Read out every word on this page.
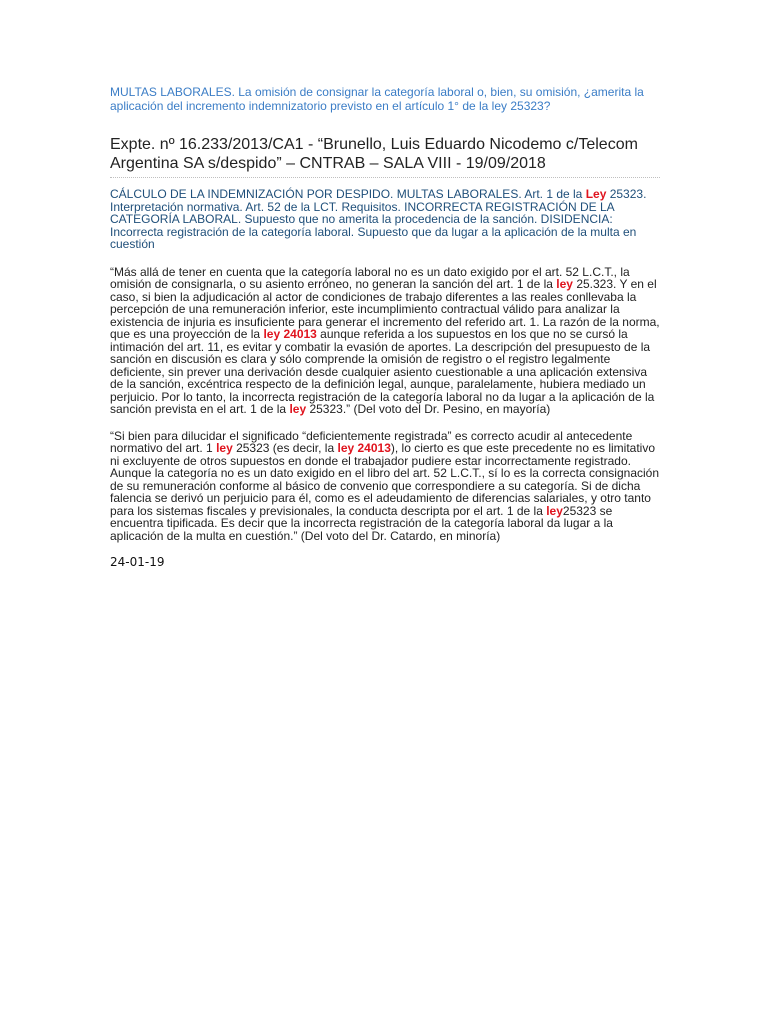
MULTAS LABORALES. La omisión de consignar la categoría laboral o, bien, su omisión, ¿amerita la aplicación del incremento indemnizatorio previsto en el artículo 1° de la ley 25323?

Expte. nº 16.233/2013/CA1 - “Brunello, Luis Eduardo Nicodemo c/Telecom Argentina SA s/despido” – CNTRAB – SALA VIII - 19/09/2018

CÁLCULO DE LA INDEMNIZACIÓN POR DESPIDO. MULTAS LABORALES. Art. 1 de la Ley 25323. Interpretación normativa. Art. 52 de la LCT. Requisitos. INCORRECTA REGISTRACIÓN DE LA CATEGORÍA LABORAL. Supuesto que no amerita la procedencia de la sanción. DISIDENCIA: Incorrecta registración de la categoría laboral. Supuesto que da lugar a la aplicación de la multa en cuestión

“Más allá de tener en cuenta que la categoría laboral no es un dato exigido por el art. 52 L.C.T., la omisión de consignarla, o su asiento erróneo, no generan la sanción del art. 1 de la ley 25.323. Y en el caso, si bien la adjudicación al actor de condiciones de trabajo diferentes a las reales conllevaba la percepción de una remuneración inferior, este incumplimiento contractual válido para analizar la existencia de injuria es insuficiente para generar el incremento del referido art. 1. La razón de la norma, que es una proyección de la ley 24013 aunque referida a los supuestos en los que no se cursó la intimación del art. 11, es evitar y combatir la evasión de aportes. La descripción del presupuesto de la sanción en discusión es clara y sólo comprende la omisión de registro o el registro legalmente deficiente, sin prever una derivación desde cualquier asiento cuestionable a una aplicación extensiva de la sanción, excéntrica respecto de la definición legal, aunque, paralelamente, hubiera mediado un perjuicio. Por lo tanto, la incorrecta registración de la categoría laboral no da lugar a la aplicación de la sanción prevista en el art. 1 de la ley 25323.” (Del voto del Dr. Pesino, en mayoría)

“Si bien para dilucidar el significado “deficientemente registrada” es correcto acudir al antecedente normativo del art. 1 ley 25323 (es decir, la ley 24013), lo cierto es que este precedente no es limitativo ni excluyente de otros supuestos en donde el trabajador pudiere estar incorrectamente registrado. Aunque la categoría no es un dato exigido en el libro del art. 52 L.C.T., sí lo es la correcta consignación de su remuneración conforme al básico de convenio que correspondiere a su categoría. Si de dicha falencia se derivó un perjuicio para él, como es el adeudamiento de diferencias salariales, y otro tanto para los sistemas fiscales y previsionales, la conducta descripta por el art. 1 de la ley25323 se encuentra tipificada. Es decir que la incorrecta registración de la categoría laboral da lugar a la aplicación de la multa en cuestión.” (Del voto del Dr. Catardo, en minoría)

24-01-19
